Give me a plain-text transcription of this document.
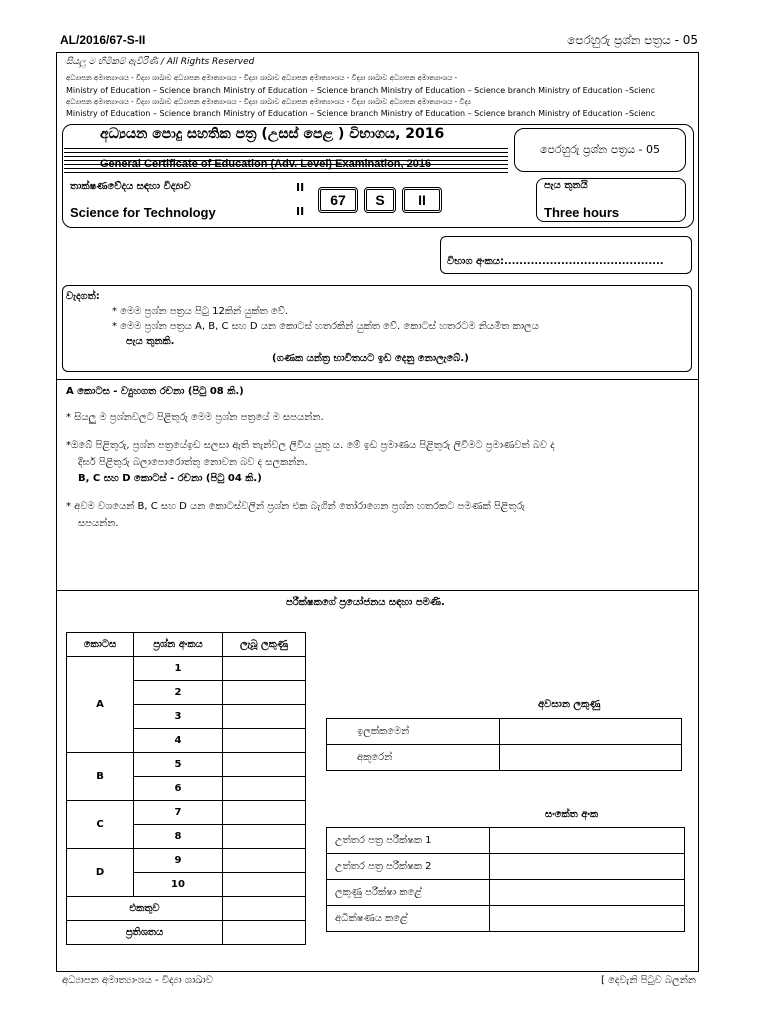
AL/2016/67-S-II	පෙරහුරු ප්‍රශ්න පත්‍රය - 05
සියලු ම හිමිකම් ඇවිරිණි / All Rights Reserved
අධ්‍යාපන අමාත්‍යාංශය - විද්‍යා ශාඛාව අධ්‍යාපන අමාත්‍යාංශය - විද්‍යා ශාඛාව අධ්‍යාපන අමාත්‍යාංශය - විද්‍යා ශාඛාව අධ්‍යාපන අමාත්‍යාංශය -
Ministry of Education – Science branch Ministry of Education – Science branch Ministry of Education – Science branch Ministry of Education –Scienc
අධ්‍යාපන අමාත්‍යාංශය - විද්‍යා ශාඛාව අධ්‍යාපන අමාත්‍යාංශය - විද්‍යා ශාඛාව අධ්‍යාපන අමාත්‍යාංශය - විද්‍යා ශාඛාව අධ්‍යාපන අමාත්‍යාංශය - විද්‍ය
Ministry of Education – Science branch Ministry of Education – Science branch Ministry of Education – Science branch Ministry of Education –Scienc
අධ්‍යයන පොදු සහතික පත්‍ර (උසස් පෙළ ) විභාගය, 2016
General Certificate of Education (Adv. Level) Examination, 2016
පෙරහුරු ප්‍රශ්න පත්‍රය - 05
තාක්ෂණවේදය සඳහා විද්‍යාව	II
Science for Technology	II
67 S II
පැය තුනයි
Three hours
විභාග අංකය:..........................................
වැදගත්:
* මෙම ප්‍රශ්න පත්‍රය පිටු 12කින් යුක්ත වේ.
* මෙම ප්‍රශ්න පත්‍රය A, B, C සහ D යන කොටස් හතරකින් යුක්ත වේ. කොටස් හතරටම නියමිත කාලය
පැය තුනකි.
(ගණක යන්ත්‍ර භාවිතයට ඉඩ දෙනු නොලැබේ.)
A කොටස - ව්‍යුහගත රචනා (පිටු 08 කි.)
* සියලු ම ප්‍රශ්නවලට පිළිතුරු මෙම ප්‍රශ්න පත්‍රයේ ම සපයන්න.
*ඔබේ පිළිතුරු, ප්‍රශ්න පත්‍රයේඉඩ සලසා ඇති තැන්වල ලිවිය යුතු ය. මේ ඉඩ ප්‍රමාණය පිළිතුරු ලිවීමට ප්‍රමාණවත් බව ද
දීර්ඝ පිළිතුරු බලාපොරොත්තු නොවන බව ද සලකන්න.
B, C සහ D කොටස් - රචනා (පිටු 04 කි.)
* අවම වශයෙන් B, C සහ D යන කොටස්වලින් ප්‍රශ්න එක බැගින් තෝරාගෙන ප්‍රශ්න හතරකට පමණක් පිළිතුරු
සපයන්න.
පරීක්ෂකගේ ප්‍රයෝජනය සඳහා පමණි.
කොටස	ප්‍රශ්න අංකය	ලැබූ ලකුණු
A	1	
	2	
	3	
	4	
B	5	
	6	
C	7	
	8	
D	9	
	10	
එකතුව		
ප්‍රතිශතය		
අවසාන ලකුණු
ඉලක්කමෙන්	
අකුරෙන්	
සංකේත අංක
උත්තර පත්‍ර පරීක්ෂක 1	
උත්තර පත්‍ර පරීක්ෂක 2	
ලකුණු පරීක්ෂා කළේ	
අධීක්ෂණය කළේ	
අධ්‍යාපන අමාත්‍යාංශය - විද්‍යා ශාඛාව	[ දෙවැනි පිටුව බලන්න
